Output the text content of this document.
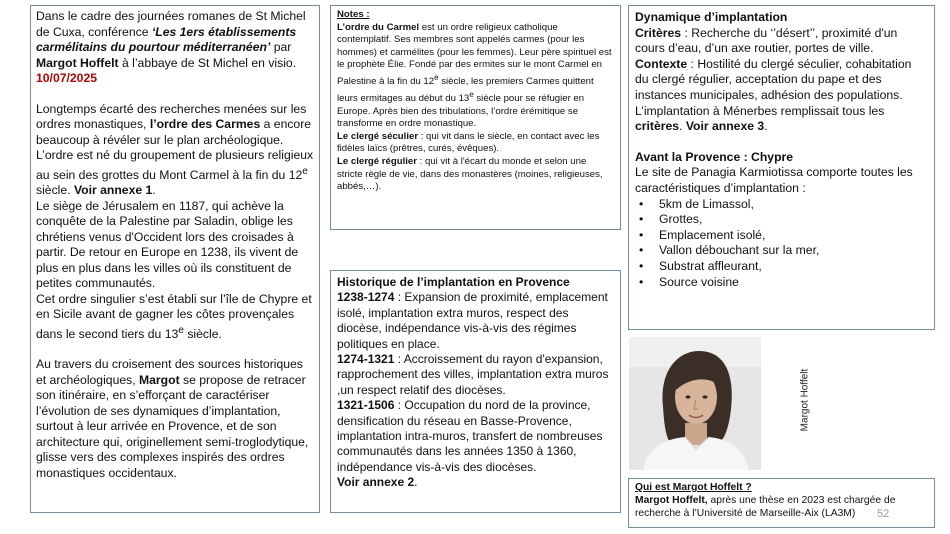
Dans le cadre des journées romanes de St Michel de Cuxa, conférence ‘Les 1ers établissements carmélitains du pourtour méditerranéen’ par Margot Hoffelt à l’abbaye de St Michel en visio.

10/07/2025

Longtemps écarté des recherches menées sur les ordres monastiques, l’ordre des Carmes a encore beaucoup à révéler sur le plan archéologique.

L’ordre est né du groupement de plusieurs religieux au sein des grottes du Mont Carmel à la fin du 12e siècle. Voir annexe 1.

Le siège de Jérusalem en 1187, qui achève la conquête de la Palestine par Saladin, oblige les chrétiens venus d'Occident lors des croisades à partir. De retour en Europe en 1238, ils vivent de plus en plus dans les villes où ils constituent de petites communautés.

Cet ordre singulier s’est établi sur l’île de Chypre et en Sicile avant de gagner les côtes provençales dans le second tiers du 13e siècle.

Au travers du croisement des sources historiques et archéologiques, Margot se propose de retracer son itinéraire, en s’efforçant de caractériser l’évolution de ses dynamiques d’implantation, surtout à leur arrivée en Provence, et de son architecture qui, originellement semi-troglodytique, glisse vers des complexes inspirés des ordres monastiques occidentaux.

Notes :

L’ordre du Carmel est un ordre religieux catholique contemplatif. Ses membres sont appelés carmes (pour les hommes) et carmélites (pour les femmes). Leur père spirituel est le prophète Élie. Fondé par des ermites sur le mont Carmel en Palestine à la fin du 12e siècle, les premiers Carmes quittent leurs ermitages au début du 13e siècle pour se réfugier en Europe. Après bien des tribulations, l’ordre érémitique se transforme en ordre monastique.

Le clergé séculier : qui vit dans le siècle, en contact avec les fidèles laïcs (prêtres, curés, évêques).

Le clergé régulier : qui vit à l'écart du monde et selon une stricte règle de vie, dans des monastères (moines, religieuses, abbés,…).

Historique de l’implantation en Provence

1238-1274 : Expansion de proximité, emplacement isolé, implantation extra muros, respect des diocèse, indépendance vis-à-vis des régimes politiques en place.

1274-1321 : Accroissement du rayon d'expansion, rapprochement des villes, implantation extra muros ,un respect relatif des diocèses.

1321-1506 : Occupation du nord de la province, densification du réseau en Basse-Provence, implantation intra-muros, transfert de nombreuses communautés dans les années 1350 à 1360, indépendance vis-à-vis des diocèses.

Voir annexe 2.

Dynamique d’implantation

Critères : Recherche du ‘’désert’’, proximité d'un cours d’eau, d’un axe routier, portes de ville.

Contexte : Hostilité du clergé séculier, cohabitation du clergé régulier, acceptation du pape et des instances municipales, adhésion des populations.

L’implantation à Ménerbes remplissait tous les critères. Voir annexe 3.

Avant la Provence : Chypre

Le site de Panagia Karmiotissa comporte toutes les caractéristiques d’implantation :

• 5km de Limassol,
• Grottes,
• Emplacement isolé,
• Vallon débouchant sur la mer,
• Substrat affleurant,
• Source voisine
Margot Hoffelt

Qui est Margot Hoffelt ?

Margot Hoffelt, après une thèse en 2023 est chargée de recherche à l’Université de Marseille-Aix (LA3M)	52
